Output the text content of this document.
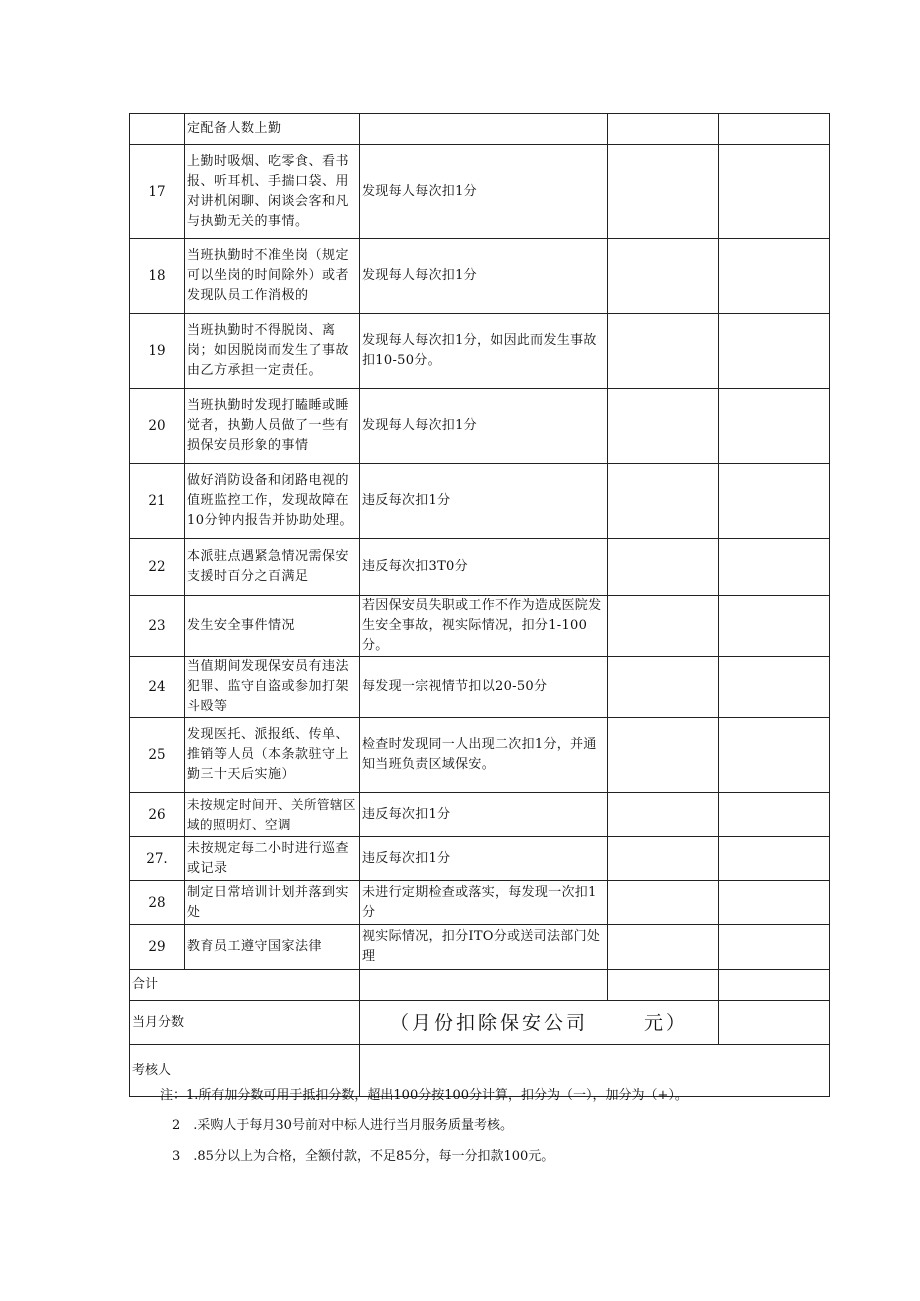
	定配备人数上勤			
17	上勤时吸烟、吃零食、看书报、听耳机、手揣口袋、用对讲机闲聊、闲谈会客和凡与执勤无关的事情。	发现每人每次扣1分		
18	当班执勤时不准坐岗（规定可以坐岗的时间除外）或者发现队员工作消极的	发现每人每次扣1分		
19	当班执勤时不得脱岗、离岗；如因脱岗而发生了事故由乙方承担一定责任。	发现每人每次扣1分，如因此而发生事故扣10-50分。		
20	当班执勤时发现打瞌睡或睡觉者，执勤人员做了一些有损保安员形象的事情	发现每人每次扣1分		
21	做好消防设备和闭路电视的值班监控工作，发现故障在10分钟内报告并协助处理。	违反每次扣1分		
22	本派驻点遇紧急情况需保安支援时百分之百满足	违反每次扣3T0分		
23	发生安全事件情况	若因保安员失职或工作不作为造成医院发生安全事故，视实际情况，扣分1-100分。		
24	当值期间发现保安员有违法犯罪、监守自盗或参加打架斗殴等	每发现一宗视情节扣以20-50分		
25	发现医托、派报纸、传单、推销等人员（本条款驻守上勤三十天后实施）	检查时发现同一人出现二次扣1分，并通知当班负责区域保安。		
26	未按规定时间开、关所管辖区域的照明灯、空调	违反每次扣1分		
27.	未按规定每二小时进行巡查或记录	违反每次扣1分		
28	制定日常培训计划并落到实处	未进行定期检查或落实，每发现一次扣1分		
29	教育员工遵守国家法律	视实际情况，扣分ITO分或送司法部门处理		
合计				
当月分数		（月份扣除保安公司 元）		
考核人				
注：1.所有加分数可用于抵扣分数，超出100分按100分计算，扣分为（一），加分为（+）。
2　.采购人于每月30号前对中标人进行当月服务质量考核。
3　.85分以上为合格，全额付款，不足85分，每一分扣款100元。
